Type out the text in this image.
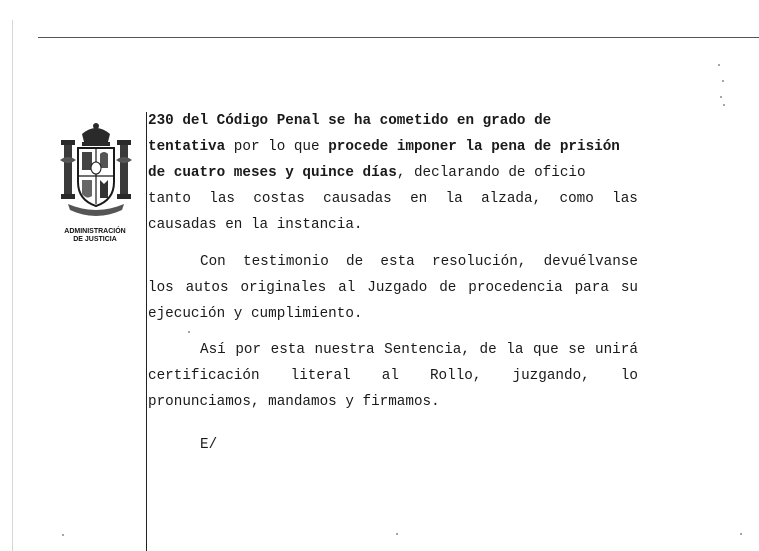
ADMINISTRACIÓN
DE JUSTICIA
230 del Código Penal se ha cometido en grado de
tentativa por lo que procede imponer la pena de prisión
de cuatro meses y quince días, declarando de oficio
tanto las costas causadas en la alzada, como las
causadas en la instancia.
Con testimonio de esta resolución, devuélvanse
los autos originales al Juzgado de procedencia para su
ejecución y cumplimiento.
Así por esta nuestra Sentencia, de la que se unirá
certificación literal al Rollo, juzgando, lo
pronunciamos, mandamos y firmamos.
E/
